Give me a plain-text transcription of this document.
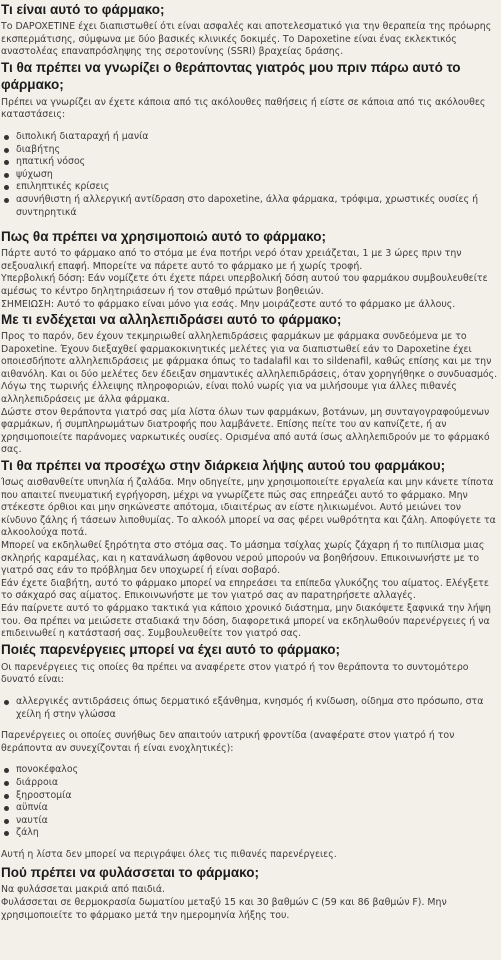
Τι είναι αυτό το φάρμακο;

Το DAPOXETINE έχει διαπιστωθεί ότι είναι ασφαλές και αποτελεσματικό για την θεραπεία της πρόωρης εκσπερμάτισης, σύμφωνα με δύο βασικές κλινικές δοκιμές. Το Dapoxetine είναι ένας εκλεκτικός αναστολέας επαναπρόσληψης της σεροτονίνης (SSRI) βραχείας δράσης.

Τι θα πρέπει να γνωρίζει ο θεράποντας γιατρός μου πριν πάρω αυτό το φάρμακο;

Πρέπει να γνωρίζει αν έχετε κάποια από τις ακόλουθες παθήσεις ή είστε σε κάποια από τις ακόλουθες καταστάσεις:

διπολική διαταραχή ή μανία
διαβήτης
ηπατική νόσος
ψύχωση
επιληπτικές κρίσεις
ασυνήθιστη ή αλλεργική αντίδραση στο dapoxetine, άλλα φάρμακα, τρόφιμα, χρωστικές ουσίες ή συντηρητικά
Πως θα πρέπει να χρησιμοποιώ αυτό το φάρμακο;

Πάρτε αυτό το φάρμακο από το στόμα με ένα ποτήρι νερό όταν χρειάζεται, 1 με 3 ώρες πριν την σεξουαλική επαφή. Μπορείτε να πάρετε αυτό το φάρμακο με ή χωρίς τροφή.

Υπερβολική δόση: Εάν νομίζετε ότι έχετε πάρει υπερβολική δόση αυτού του φαρμάκου συμβουλευθείτε αμέσως το κέντρο δηλητηριάσεων ή τον σταθμό πρώτων βοηθειών.

ΣΗΜΕΙΩΣΗ: Αυτό το φάρμακο είναι μόνο για εσάς. Μην μοιράζεστε αυτό το φάρμακο με άλλους.

Με τι ενδέχεται να αλληλεπιδράσει αυτό το φάρμακο;

Προς το παρόν, δεν έχουν τεκμηριωθεί αλληλεπιδράσεις φαρμάκων με φάρμακα συνδεόμενα με το Dapoxetine. Έχουν διεξαχθεί φαρμακοκινητικές μελέτες για να διαπιστωθεί εάν το Dapoxetine έχει οποιεσδήποτε αλληλεπιδράσεις με φάρμακα όπως το tadalafil και το sildenafil, καθώς επίσης και με την αιθανόλη. Και οι δύο μελέτες δεν έδειξαν σημαντικές αλληλεπιδράσεις, όταν χορηγήθηκε ο συνδυασμός. Λόγω της τωρινής έλλειψης πληροφοριών, είναι πολύ νωρίς για να μιλήσουμε για άλλες πιθανές αλληλεπιδράσεις με άλλα φάρμακα.

Δώστε στον θεράποντα γιατρό σας μία λίστα όλων των φαρμάκων, βοτάνων, μη συνταγογραφούμενων φαρμάκων, ή συμπληρωμάτων διατροφής που λαμβάνετε. Επίσης πείτε του αν καπνίζετε, ή αν χρησιμοποιείτε παράνομες ναρκωτικές ουσίες. Ορισμένα από αυτά ίσως αλληλεπιδρούν με το φάρμακό σας.

Τι θα πρέπει να προσέχω στην διάρκεια λήψης αυτού του φαρμάκου;

Ίσως αισθανθείτε υπνηλία ή ζαλάδα. Μην οδηγείτε, μην χρησιμοποιείτε εργαλεία και μην κάνετε τίποτα που απαιτεί πνευματική εγρήγορση, μέχρι να γνωρίζετε πώς σας επηρεάζει αυτό το φάρμακο. Μην στέκεστε όρθιοι και μην σηκώνεστε απότομα, ιδιαιτέρως αν είστε ηλικιωμένοι. Αυτό μειώνει τον κίνδυνο ζάλης ή τάσεων λιποθυμίας. Το αλκοόλ μπορεί να σας φέρει νωθρότητα και ζάλη. Αποφύγετε τα αλκοολούχα ποτά.

Μπορεί να εκδηλωθεί ξηρότητα στο στόμα σας. Το μάσημα τσίχλας χωρίς ζάχαρη ή το πιπίλισμα μιας σκληρής καραμέλας, και η κατανάλωση άφθονου νερού μπορούν να βοηθήσουν. Επικοινωνήστε με το γιατρό σας εάν το πρόβλημα δεν υποχωρεί ή είναι σοβαρό.

Εάν έχετε διαβήτη, αυτό το φάρμακο μπορεί να επηρεάσει τα επίπεδα γλυκόζης του αίματος. Ελέγξετε το σάκχαρό σας αίματος. Επικοινωνήστε με τον γιατρό σας αν παρατηρήσετε αλλαγές.

Εάν παίρνετε αυτό το φάρμακο τακτικά για κάποιο χρονικό διάστημα, μην διακόψετε ξαφνικά την λήψη του. Θα πρέπει να μειώσετε σταδιακά την δόση, διαφορετικά μπορεί να εκδηλωθούν παρενέργειες ή να επιδεινωθεί η κατάστασή σας. Συμβουλευθείτε τον γιατρό σας.

Ποιές παρενέργειες μπορεί να έχει αυτό το φάρμακο;

Οι παρενέργειες τις οποίες θα πρέπει να αναφέρετε στον γιατρό ή τον θεράποντα το συντομότερο δυνατό είναι:

αλλεργικές αντιδράσεις όπως δερματικό εξάνθημα, κνησμός ή κνίδωση, οίδημα στο πρόσωπο, στα χείλη ή στην γλώσσα

Παρενέργειες οι οποίες συνήθως δεν απαιτούν ιατρική φροντίδα (αναφέρατε στον γιατρό ή τον θεράποντα αν συνεχίζονται ή είναι ενοχλητικές):

πονοκέφαλος
διάρροια
ξηροστομία
αϋπνία
ναυτία
ζάλη

Αυτή η λίστα δεν μπορεί να περιγράψει όλες τις πιθανές παρενέργειες.

Πού πρέπει να φυλάσσεται το φάρμακο;

Να φυλάσσεται μακριά από παιδιά.

Φυλάσσεται σε θερμοκρασία δωματίου μεταξύ 15 και 30 βαθμών C (59 και 86 βαθμών F). Μην χρησιμοποιείτε το φάρμακο μετά την ημερομηνία λήξης του.
